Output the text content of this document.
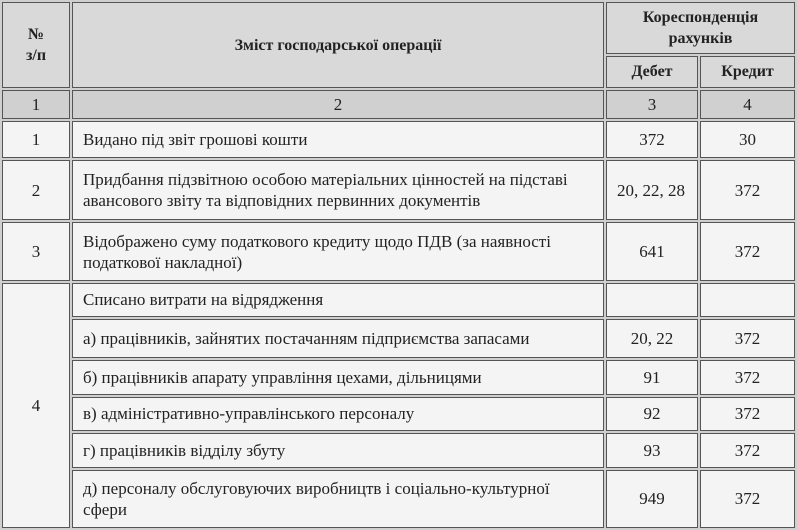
№
з/п	Зміст господарської операції	Кореспонденція рахунків	
		Дебет	Кредит
1	2	3	4
1	Видано під звіт грошові кошти	372	30
2	Придбання підзвітною особою матеріальних цінностей на підставі авансового звіту та відповідних первинних документів	20, 22, 28	372
3	Відображено суму податкового кредиту щодо ПДВ (за наявності податкової накладної)	641	372
4	Списано витрати на відрядження		
	а) працівників, зайнятих постачанням підприємства запасами	20, 22	372
	б) працівників апарату управління цехами, дільницями	91	372
	в) адміністративно-управлінського персоналу	92	372
	г) працівників відділу збуту	93	372
	д) персоналу обслуговуючих виробництв і соціально-культурної сфери	949	372
